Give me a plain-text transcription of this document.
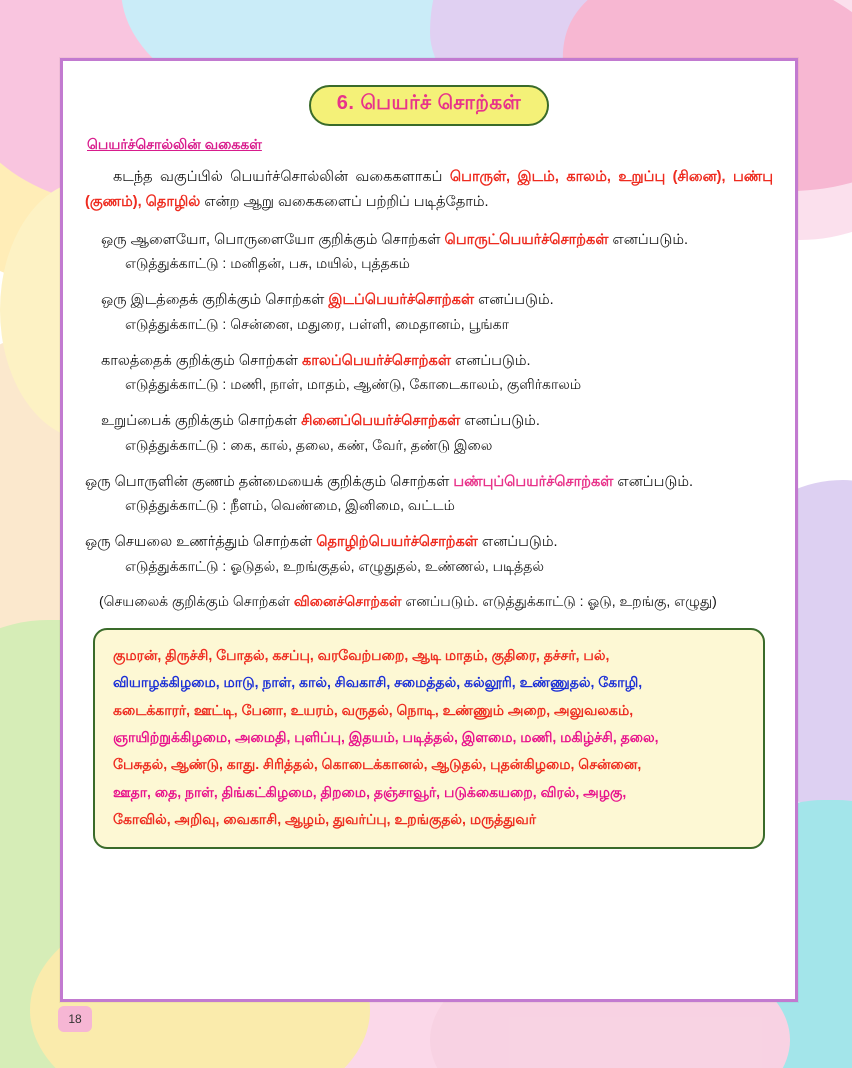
6. பெயர்ச் சொற்கள்
பெயர்ச்சொல்லின் வகைகள்
கடந்த வகுப்பில் பெயர்ச்சொல்லின் வகைகளாகப் பொருள், இடம், காலம், உறுப்பு (சினை), பண்பு (குணம்), தொழில் என்ற ஆறு வகைகளைப் பற்றிப் படித்தோம்.
ஒரு ஆளையோ, பொருளையோ குறிக்கும் சொற்கள் பொருட்பெயர்ச்சொற்கள் எனப்படும்.
எடுத்துக்காட்டு : மனிதன், பசு, மயில், புத்தகம்
ஒரு இடத்தைக் குறிக்கும் சொற்கள் இடப்பெயர்ச்சொற்கள் எனப்படும்.
எடுத்துக்காட்டு : சென்னை, மதுரை, பள்ளி, மைதானம், பூங்கா
காலத்தைக் குறிக்கும் சொற்கள் காலப்பெயர்ச்சொற்கள் எனப்படும்.
எடுத்துக்காட்டு : மணி, நாள், மாதம், ஆண்டு, கோடைகாலம், குளிர்காலம்
உறுப்பைக் குறிக்கும் சொற்கள் சினைப்பெயர்ச்சொற்கள் எனப்படும்.
எடுத்துக்காட்டு : கை, கால், தலை, கண், வேர், தண்டு இலை
ஒரு பொருளின் குணம் தன்மையைக் குறிக்கும் சொற்கள் பண்புப்பெயர்ச்சொற்கள் எனப்படும்.
எடுத்துக்காட்டு : நீளம், வெண்மை, இனிமை, வட்டம்
ஒரு செயலை உணர்த்தும் சொற்கள் தொழிற்பெயர்ச்சொற்கள் எனப்படும்.
எடுத்துக்காட்டு : ஓடுதல், உறங்குதல், எழுதுதல், உண்ணல், படித்தல்
(செயலைக் குறிக்கும் சொற்கள் வினைச்சொற்கள் எனப்படும். எடுத்துக்காட்டு : ஓடு, உறங்கு, எழுது)

குமரன், திருச்சி, போதல், கசப்பு, வரவேற்பறை, ஆடி மாதம், குதிரை, தச்சர், பல்,

வியாழக்கிழமை, மாடு, நாள், கால், சிவகாசி, சமைத்தல், கல்லூரி, உண்ணுதல், கோழி,

கடைக்காரர், ஊட்டி, பேனா, உயரம், வருதல், நொடி, உண்ணும் அறை, அலுவலகம்,

ஞாயிற்றுக்கிழமை, அமைதி, புளிப்பு, இதயம், படித்தல், இளமை, மணி, மகிழ்ச்சி, தலை,

பேசுதல், ஆண்டு, காது. சிரித்தல், கொடைக்கானல், ஆடுதல், புதன்கிழமை, சென்னை,

ஊதா, தை, நாள், திங்கட்கிழமை, திறமை, தஞ்சாவூர், படுக்கையறை, விரல், அழகு,

கோவில், அறிவு, வைகாசி, ஆழம், துவர்ப்பு, உறங்குதல், மருத்துவர்

18
